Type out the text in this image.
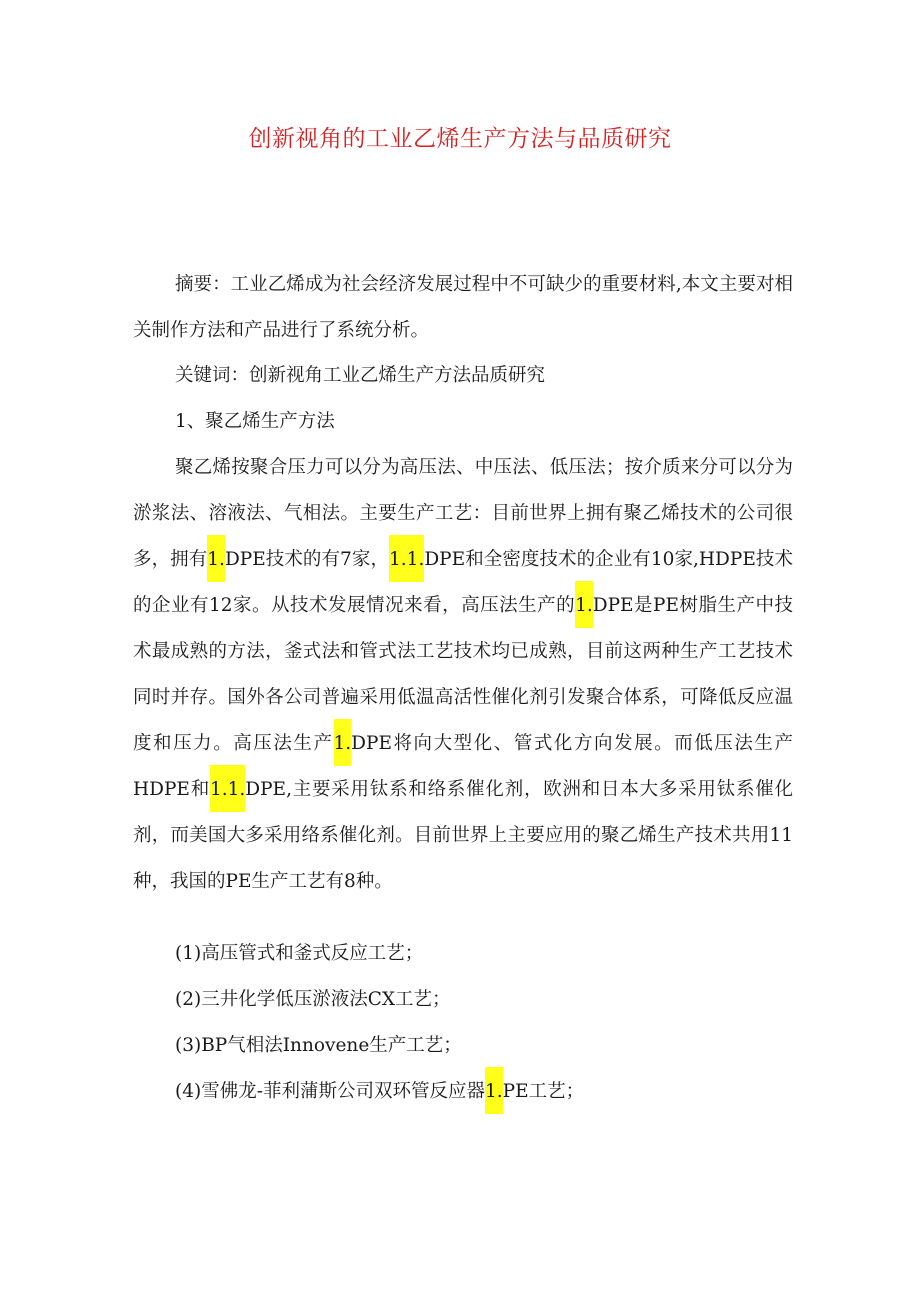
创新视角的工业乙烯生产方法与品质研究

摘要：工业乙烯成为社会经济发展过程中不可缺少的重要材料,本文主要对相关制作方法和产品进行了系统分析。

关键词：创新视角工业乙烯生产方法品质研究

1、聚乙烯生产方法

聚乙烯按聚合压力可以分为高压法、中压法、低压法；按介质来分可以分为淤浆法、溶液法、气相法。主要生产工艺：目前世界上拥有聚乙烯技术的公司很多，拥有1.DPE技术的有7家，1.1.DPE和全密度技术的企业有10家,HDPE技术的企业有12家。从技术发展情况来看，高压法生产的1.DPE是PE树脂生产中技术最成熟的方法，釜式法和管式法工艺技术均已成熟，目前这两种生产工艺技术同时并存。国外各公司普遍采用低温高活性催化剂引发聚合体系，可降低反应温度和压力。高压法生产1.DPE将向大型化、管式化方向发展。而低压法生产HDPE和1.1.DPE,主要采用钛系和络系催化剂，欧洲和日本大多采用钛系催化剂，而美国大多采用络系催化剂。目前世界上主要应用的聚乙烯生产技术共用11种，我国的PE生产工艺有8种。

(1)高压管式和釜式反应工艺；

(2)三井化学低压淤液法CX工艺；

(3)BP气相法Innovene生产工艺；

(4)雪佛龙-菲利蒲斯公司双环管反应器1.PE工艺；
